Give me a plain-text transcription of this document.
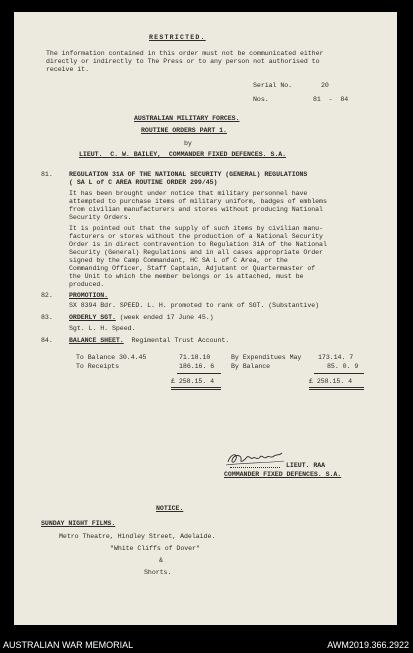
RESTRICTED.
The information contained in this order must not be communicated either
directly or indirectly to The Press or to any person not authorised to
receive it.
Serial No.	20
Nos.	81  -  84
AUSTRALIAN MILITARY FORCES.
ROUTINE ORDERS PART 1.
by
LIEUT.  C. W. BAILEY,  COMMANDER FIXED DEFENCES. S.A.
81. REGULATION 31A OF THE NATIONAL SECURITY (GENERAL) REGULATIONS
( SA L of C AREA ROUTINE ORDER 299/45)
It has been brought under notice that military personnel have
attempted to purchase items of military uniform, badges of emblems
from civilian manufacturers and stores without producing National
Security Orders.
It is pointed out that the supply of such items by civilian manu-
facturers or stores without the production of a National Security
Order is in direct contravention to Regulation 31A of the National
Security (General) Regulations and in all cases appropriate Order
signed by the Camp Commandant, HC SA L of C Area, or the
Commanding Officer, Staff Captain, Adjutant or Quartermaster of
the Unit to which the member belongs or is attached, must be
produced.
82. PROMOTION.
SX 8394 Bdr. SPEED. L. H. promoted to rank of SGT. (Substantive)
83. ORDERLY SGT. (week ended 17 June 45.)
Sgt. L. H. Speed.
84. BALANCE SHEET.  Regimental Trust Account.
To Balance 30.4.45	71.18.10	By Expenditues May	173.14. 7
To Receipts	186.16. 6	By Balance	85. 0. 9
£ 258.15. 4	£ 258.15. 4
LIEUT. RAA
COMMANDER FIXED DEFENCES. S.A.
NOTICE.
SUNDAY NIGHT FILMS.
Metro Theatre, Hindley Street, Adelaide.
"White Cliffs of Dover"
&
Shorts.
AUSTRALIAN WAR MEMORIAL	AWM2019.366.2922
